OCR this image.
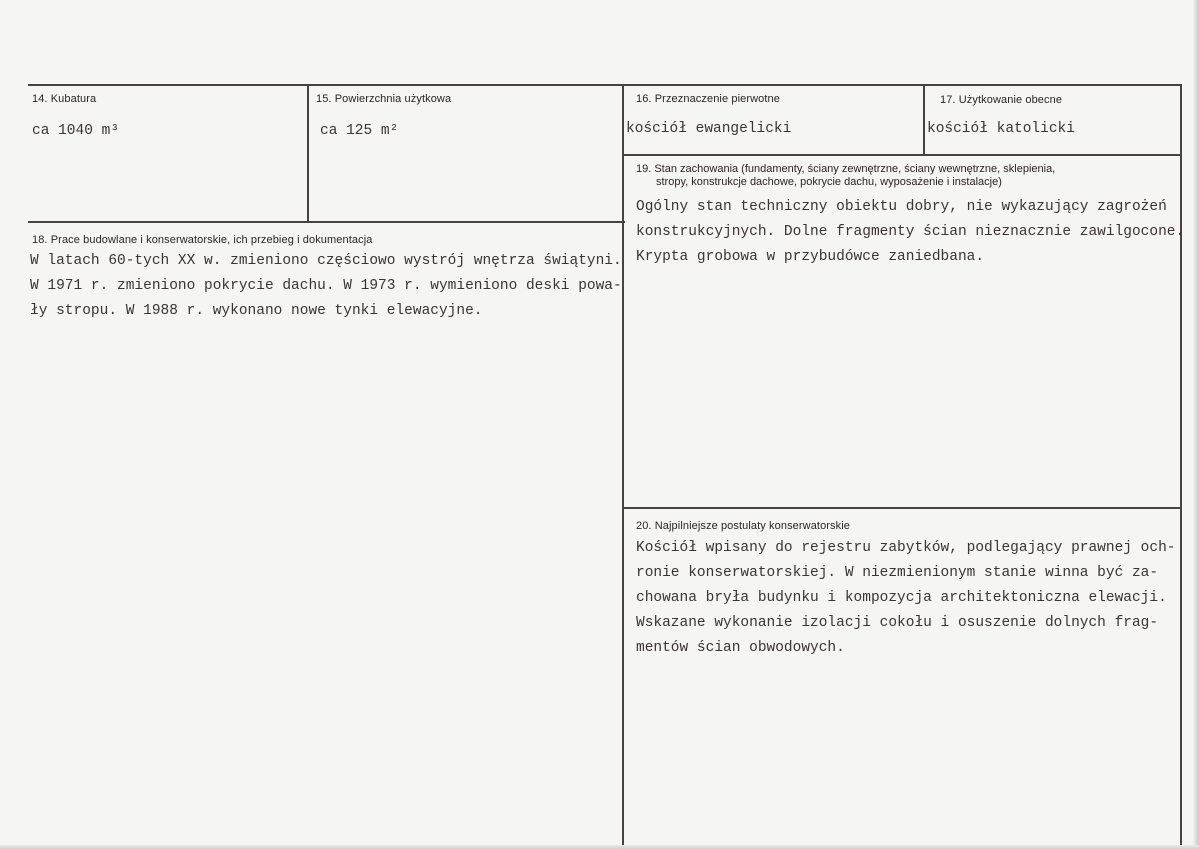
14. Kubatura
ca 1040 m³
15. Powierzchnia użytkowa
ca 125 m²
16. Przeznaczenie pierwotne
kościół ewangelicki
17. Użytkowanie obecne
kościół katolicki
18. Prace budowlane i konserwatorskie, ich przebieg i dokumentacja
W latach 60-tych XX w. zmieniono częściowo wystrój wnętrza świątyni.
W 1971 r. zmieniono pokrycie dachu. W 1973 r. wymieniono deski powa-
ły stropu. W 1988 r. wykonano nowe tynki elewacyjne.
19. Stan zachowania (fundamenty, ściany zewnętrzne, ściany wewnętrzne, sklepienia,
stropy, konstrukcje dachowe, pokrycie dachu, wyposażenie i instalacje)
Ogólny stan techniczny obiektu dobry, nie wykazujący zagrożeń
konstrukcyjnych. Dolne fragmenty ścian nieznacznie zawilgocone.
Krypta grobowa w przybudówce zaniedbana.
20. Najpilniejsze postulaty konserwatorskie
Kościół wpisany do rejestru zabytków, podlegający prawnej och-
ronie konserwatorskiej. W niezmienionym stanie winna być za-
chowana bryła budynku i kompozycja architektoniczna elewacji.
Wskazane wykonanie izolacji cokołu i osuszenie dolnych frag-
mentów ścian obwodowych.
